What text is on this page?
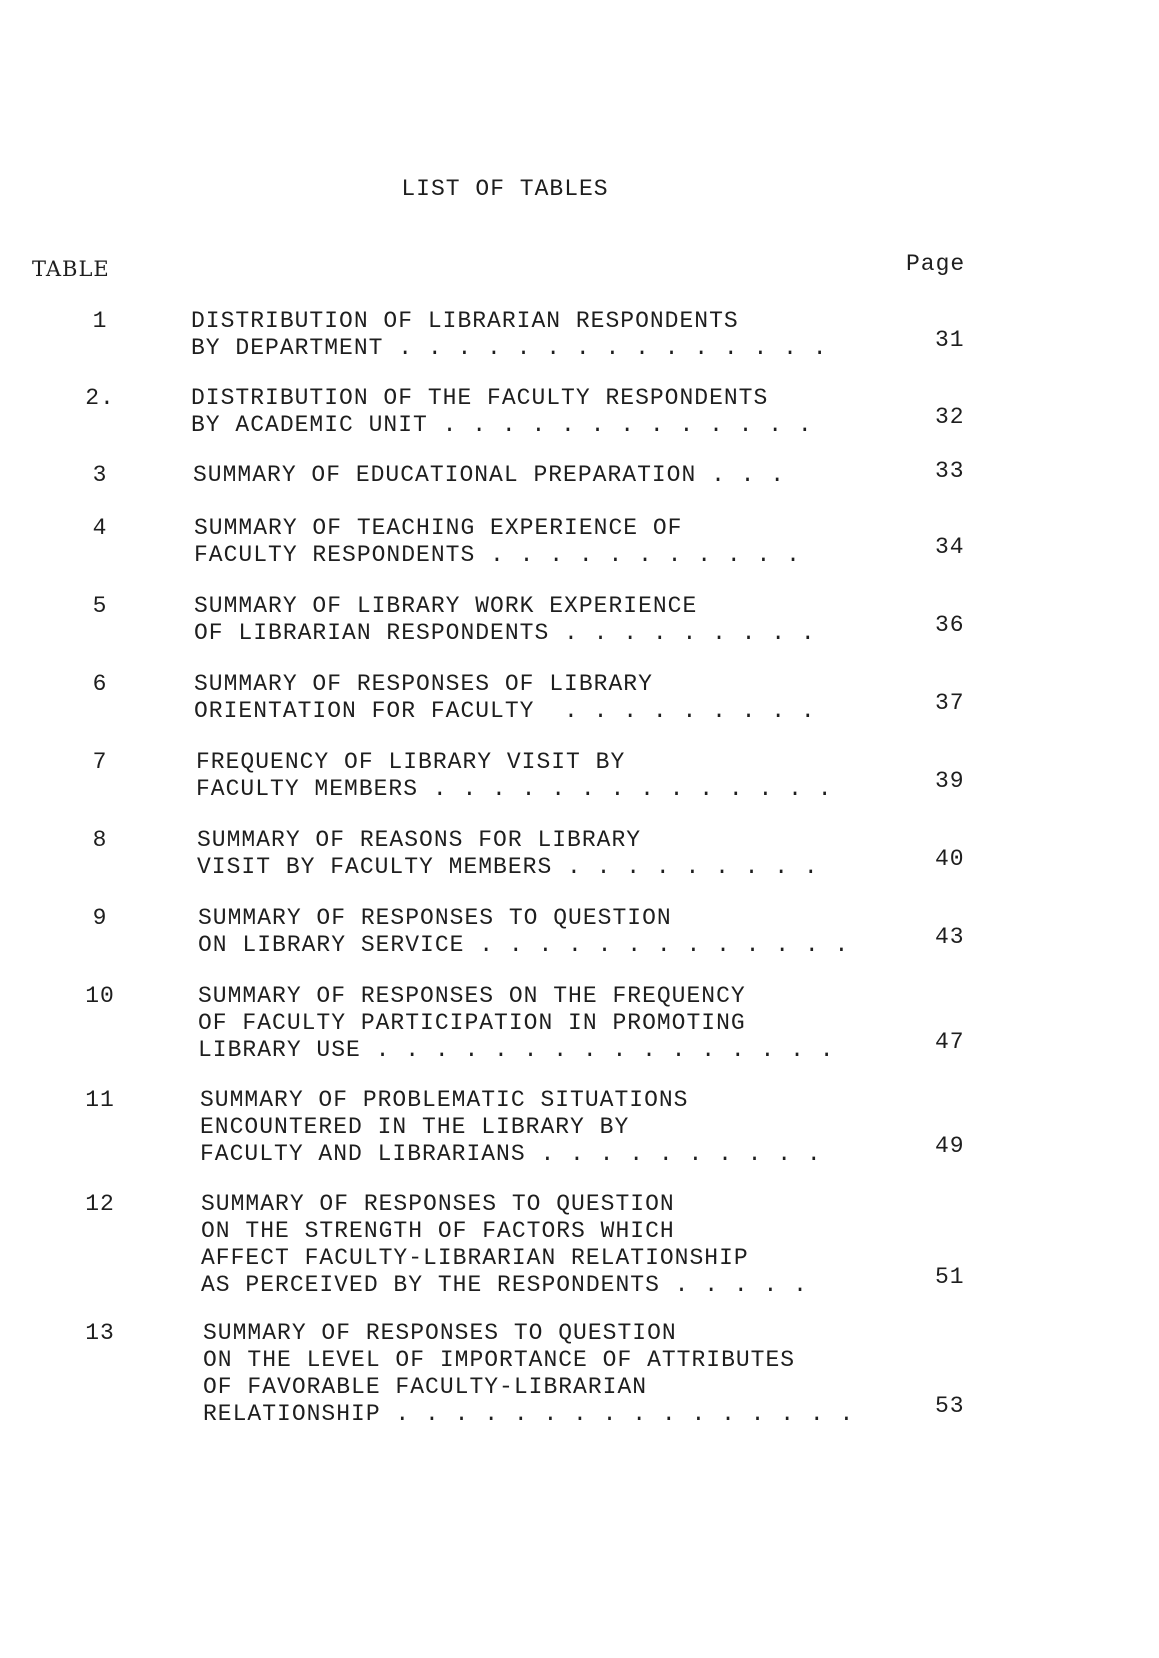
LIST OF TABLES
TABLE	Page
1	DISTRIBUTION OF LIBRARIAN RESPONDENTS
BY DEPARTMENT . . . . . . . . . . . . . . .	31
2.	DISTRIBUTION OF THE FACULTY RESPONDENTS
BY ACADEMIC UNIT . . . . . . . . . . . . .	32
3	SUMMARY OF EDUCATIONAL PREPARATION . . .	33
4	SUMMARY OF TEACHING EXPERIENCE OF
FACULTY RESPONDENTS . . . . . . . . . . .	34
5	SUMMARY OF LIBRARY WORK EXPERIENCE
OF LIBRARIAN RESPONDENTS . . . . . . . . .	36
6	SUMMARY OF RESPONSES OF LIBRARY
ORIENTATION FOR FACULTY  . . . . . . . . .	37
7	FREQUENCY OF LIBRARY VISIT BY
FACULTY MEMBERS . . . . . . . . . . . . . .	39
8	SUMMARY OF REASONS FOR LIBRARY
VISIT BY FACULTY MEMBERS . . . . . . . . .	40
9	SUMMARY OF RESPONSES TO QUESTION
ON LIBRARY SERVICE . . . . . . . . . . . . .	43
10	SUMMARY OF RESPONSES ON THE FREQUENCY
OF FACULTY PARTICIPATION IN PROMOTING
LIBRARY USE . . . . . . . . . . . . . . . .	47
11	SUMMARY OF PROBLEMATIC SITUATIONS
ENCOUNTERED IN THE LIBRARY BY
FACULTY AND LIBRARIANS . . . . . . . . . .	49
12	SUMMARY OF RESPONSES TO QUESTION
ON THE STRENGTH OF FACTORS WHICH
AFFECT FACULTY-LIBRARIAN RELATIONSHIP
AS PERCEIVED BY THE RESPONDENTS . . . . .	51
13	SUMMARY OF RESPONSES TO QUESTION
ON THE LEVEL OF IMPORTANCE OF ATTRIBUTES
OF FAVORABLE FACULTY-LIBRARIAN
RELATIONSHIP . . . . . . . . . . . . . . . .	53
